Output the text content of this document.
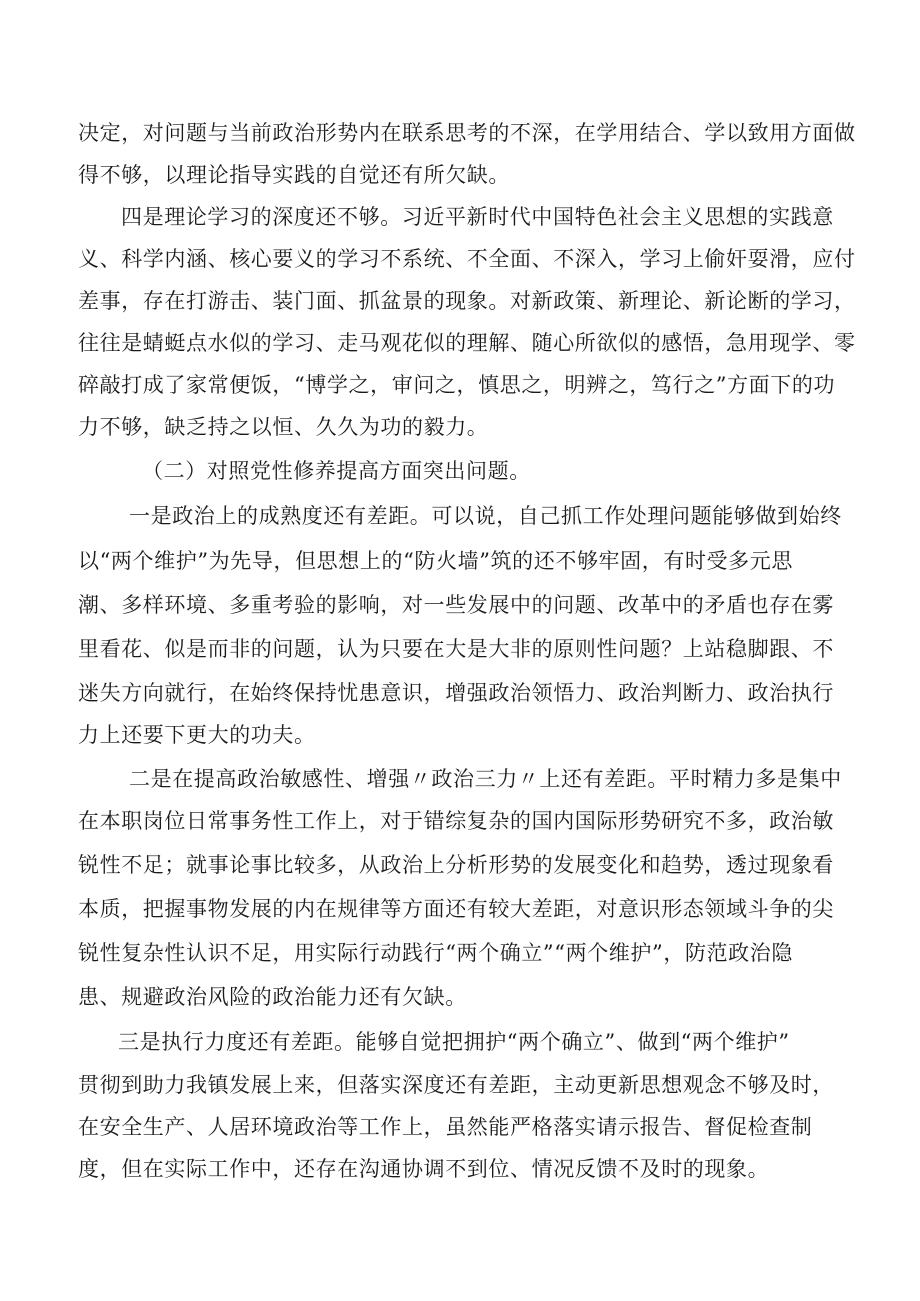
决定，对问题与当前政治形势内在联系思考的不深，在学用结合、学以致用方面做
得不够，以理论指导实践的自觉还有所欠缺。
四是理论学习的深度还不够。习近平新时代中国特色社会主义思想的实践意
义、科学内涵、核心要义的学习不系统、不全面、不深入，学习上偷奸耍滑，应付
差事，存在打游击、装门面、抓盆景的现象。对新政策、新理论、新论断的学习，
往往是蜻蜓点水似的学习、走马观花似的理解、随心所欲似的感悟，急用现学、零
碎敲打成了家常便饭，“博学之，审问之，慎思之，明辨之，笃行之”方面下的功
力不够，缺乏持之以恒、久久为功的毅力。
（二）对照党性修养提高方面突出问题。
一是政治上的成熟度还有差距。可以说，自己抓工作处理问题能够做到始终
以“两个维护”为先导，但思想上的“防火墙”筑的还不够牢固，有时受多元思
潮、多样环境、多重考验的影响，对一些发展中的问题、改革中的矛盾也存在雾
里看花、似是而非的问题，认为只要在大是大非的原则性问题？上站稳脚跟、不
迷失方向就行，在始终保持忧患意识，增强政治领悟力、政治判断力、政治执行
力上还要下更大的功夫。
二是在提高政治敏感性、增强〃政治三力〃上还有差距。平时精力多是集中
在本职岗位日常事务性工作上，对于错综复杂的国内国际形势研究不多，政治敏
锐性不足；就事论事比较多，从政治上分析形势的发展变化和趋势，透过现象看
本质，把握事物发展的内在规律等方面还有较大差距，对意识形态领域斗争的尖
锐性复杂性认识不足，用实际行动践行“两个确立”“两个维护”，防范政治隐
患、规避政治风险的政治能力还有欠缺。
三是执行力度还有差距。能够自觉把拥护“两个确立”、做到“两个维护”
贯彻到助力我镇发展上来，但落实深度还有差距，主动更新思想观念不够及时，
在安全生产、人居环境政治等工作上，虽然能严格落实请示报告、督促检查制
度，但在实际工作中，还存在沟通协调不到位、情况反馈不及时的现象。
